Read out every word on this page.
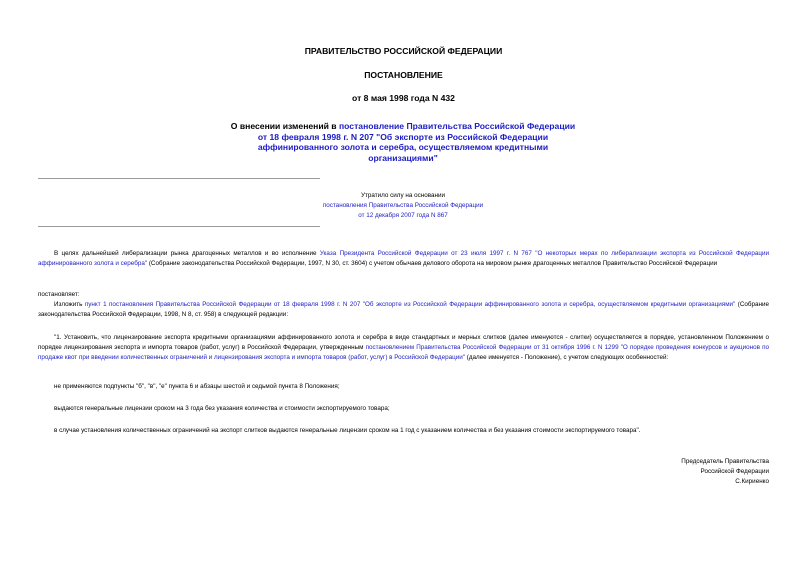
ПРАВИТЕЛЬСТВО РОССИЙСКОЙ ФЕДЕРАЦИИ
ПОСТАНОВЛЕНИЕ
от 8 мая 1998 года N 432
О внесении изменений в постановление Правительства Российской Федерации от 18 февраля 1998 г. N 207 "Об экспорте из Российской Федерации аффинированного золота и серебра, осуществляемом кредитными организациями"
Утратило силу на основании
постановления Правительства Российской Федерации
от 12 декабря 2007 года N 867
В целях дальнейшей либерализации рынка драгоценных металлов и во исполнение Указа Президента Российской Федерации от 23 июля 1997 г. N 767 "О некоторых мерах по либерализации экспорта из Российской Федерации аффинированного золота и серебра" (Собрание законодательства Российской Федерации, 1997, N 30, ст. 3604) с учетом обычаев делового оборота на мировом рынке драгоценных металлов Правительство Российской Федерации
постановляет:
Изложить пункт 1 постановления Правительства Российской Федерации от 18 февраля 1998 г. N 207 "Об экспорте из Российской Федерации аффинированного золота и серебра, осуществляемом кредитными организациями" (Собрание законодательства Российской Федерации, 1998, N 8, ст. 958) в следующей редакции:
"1. Установить, что лицензирование экспорта кредитными организациями аффинированного золота и серебра в виде стандартных и мерных слитков (далее именуются - слитки) осуществляется в порядке, установленном Положением о порядке лицензирования экспорта и импорта товаров (работ, услуг) в Российской Федерации, утвержденным постановлением Правительства Российской Федерации от 31 октября 1996 г. N 1299 "О порядке проведения конкурсов и аукционов по продаже квот при введении количественных ограничений и лицензирования экспорта и импорта товаров (работ, услуг) в Российской Федерации" (далее именуется - Положение), с учетом следующих особенностей:
не применяются подпункты "б", "в", "е" пункта 6 и абзацы шестой и седьмой пункта 8 Положения;
выдаются генеральные лицензии сроком на 3 года без указания количества и стоимости экспортируемого товара;
в случае установления количественных ограничений на экспорт слитков выдаются генеральные лицензии сроком на 1 год с указанием количества и без указания стоимости экспортируемого товара".
Председатель Правительства
Российской Федерации
С.Кириенко
